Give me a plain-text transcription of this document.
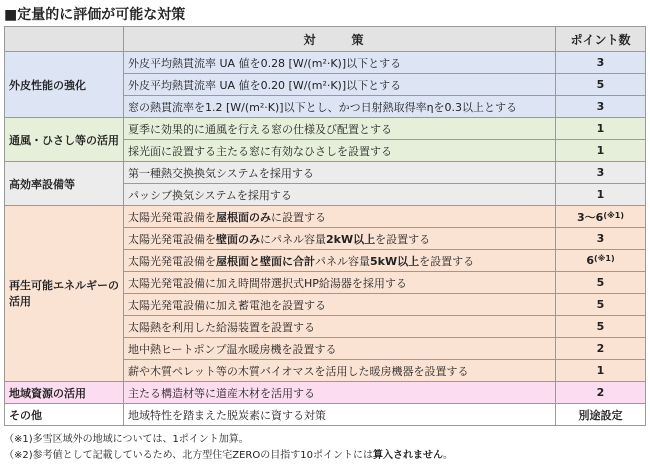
■定量的に評価が可能な対策
	対　策	ポイント数
外皮性能の強化	外皮平均熱貫流率 UA 値を0.28 [W/(m²·K)]以下とする	3
	外皮平均熱貫流率 UA 値を0.20 [W/(m²·K)]以下とする	5
	窓の熱貫流率を1.2 [W/(m²·K)]以下とし、かつ日射熱取得率ηを0.3以上とする	3
通風・ひさし等の活用	夏季に効果的に通風を行える窓の仕様及び配置とする	1
	採光面に設置する主たる窓に有効なひさしを設置する	1
高効率設備等	第一種熱交換換気システムを採用する	3
	パッシブ換気システムを採用する	1
再生可能エネルギーの活用	太陽光発電設備を屋根面のみに設置する	3～6$^{(※1)}$
	太陽光発電設備を壁面のみにパネル容量2kW以上を設置する	3
	太陽光発電設備を屋根面と壁面に合計パネル容量5kW以上を設置する	6$^{(※1)}$
	太陽光発電設備に加え時間帯選択式HP給湯器を採用する	5
	太陽光発電設備に加え蓄電池を設置する	5
	太陽熱を利用した給湯装置を設置する	5
	地中熱ヒートポンプ温水暖房機を設置する	2
	薪や木質ペレット等の木質バイオマスを活用した暖房機器を設置する	1
地域資源の活用	主たる構造材等に道産木材を活用する	2
その他	地域特性を踏まえた脱炭素に資する対策	別途設定
（※1)多雪区域外の地域については、1ポイント加算。
（※2)参考値として記載しているため、北方型住宅ZEROの目指す10ポイントには算入されません。
